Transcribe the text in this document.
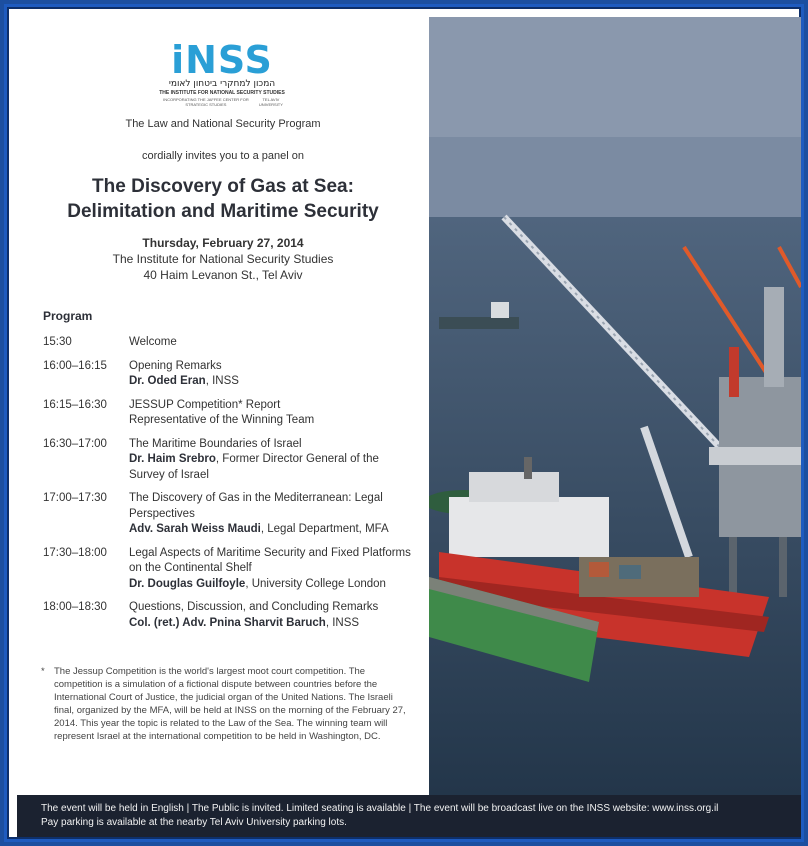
iNSS
המכון למחקרי ביטחון לאומי
THE INSTITUTE FOR NATIONAL SECURITY STUDIES
INCORPORATING THE JAFFEE CENTER FOR STRATEGIC STUDIES
TEL AVIV UNIVERSITY
The Law and National Security Program
cordially invites you to a panel on
The Discovery of Gas at Sea:
Delimitation and Maritime Security
Thursday, February 27, 2014
The Institute for National Security Studies
40 Haim Levanon St., Tel Aviv
Program
15:30	Welcome
16:00–16:15	Opening Remarks
Dr. Oded Eran, INSS
16:15–16:30	JESSUP Competition* Report
Representative of the Winning Team
16:30–17:00	The Maritime Boundaries of Israel
Dr. Haim Srebro, Former Director General of the Survey of Israel
17:00–17:30	The Discovery of Gas in the Mediterranean: Legal Perspectives
Adv. Sarah Weiss Maudi, Legal Department, MFA
17:30–18:00	Legal Aspects of Maritime Security and Fixed Platforms on the Continental Shelf
Dr. Douglas Guilfoyle, University College London
18:00–18:30	Questions, Discussion, and Concluding Remarks
Col. (ret.) Adv. Pnina Sharvit Baruch, INSS
* The Jessup Competition is the world's largest moot court competition. The competition is a simulation of a fictional dispute between countries before the International Court of Justice, the judicial organ of the United Nations. The Israeli final, organized by the MFA, will be held at INSS on the morning of the February 27, 2014. This year the topic is related to the Law of the Sea. The winning team will represent Israel at the international competition to be held in Washington, DC.
The event will be held in English | The Public is invited. Limited seating is available | The event will be broadcast live on the INSS website: www.inss.org.il
Pay parking is available at the nearby Tel Aviv University parking lots.
